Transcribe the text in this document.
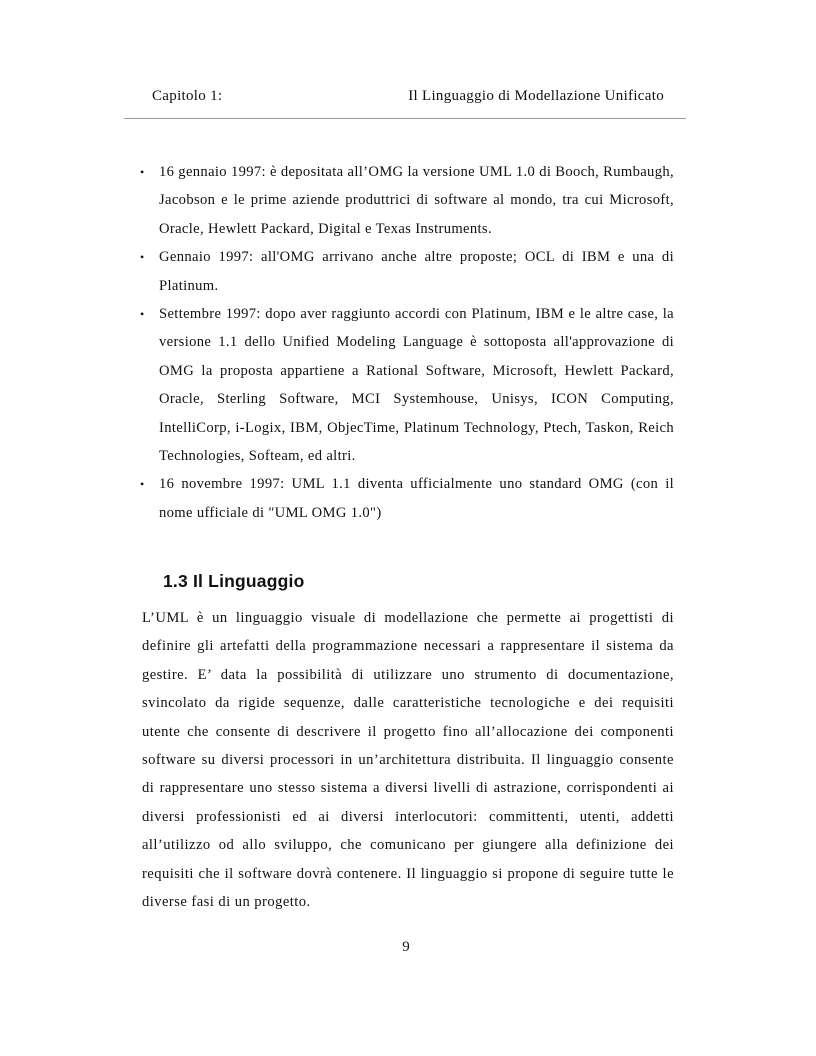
Capitolo 1:	Il Linguaggio di Modellazione Unificato
• 16 gennaio 1997: è depositata all’OMG la versione UML 1.0 di Booch, Rumbaugh, Jacobson e le prime aziende produttrici di software al mondo, tra cui Microsoft, Oracle, Hewlett Packard, Digital e Texas Instruments.
• Gennaio 1997: all'OMG arrivano anche altre proposte; OCL di IBM e una di Platinum.
• Settembre 1997: dopo aver raggiunto accordi con Platinum, IBM e le altre case, la versione 1.1 dello Unified Modeling Language è sottoposta all'approvazione di OMG la proposta appartiene a Rational Software, Microsoft, Hewlett Packard, Oracle, Sterling Software, MCI Systemhouse, Unisys, ICON Computing, IntelliCorp, i-Logix, IBM, ObjecTime, Platinum Technology, Ptech, Taskon, Reich Technologies, Softeam, ed altri.
• 16 novembre 1997: UML 1.1 diventa ufficialmente uno standard OMG (con il nome ufficiale di "UML OMG 1.0")
1.3 Il Linguaggio

L’UML è un linguaggio visuale di modellazione che permette ai progettisti di definire gli artefatti della programmazione necessari a rappresentare il sistema da gestire. E’ data la possibilità di utilizzare uno strumento di documentazione, svincolato da rigide sequenze, dalle caratteristiche tecnologiche e dei requisiti utente che consente di descrivere il progetto fino all’allocazione dei componenti software su diversi processori in un’architettura distribuita. Il linguaggio consente di rappresentare uno stesso sistema a diversi livelli di astrazione, corrispondenti ai diversi professionisti ed ai diversi interlocutori: committenti, utenti, addetti all’utilizzo od allo sviluppo, che comunicano per giungere alla definizione dei requisiti che il software dovrà contenere. Il linguaggio si propone di seguire tutte le diverse fasi di un progetto.

9
